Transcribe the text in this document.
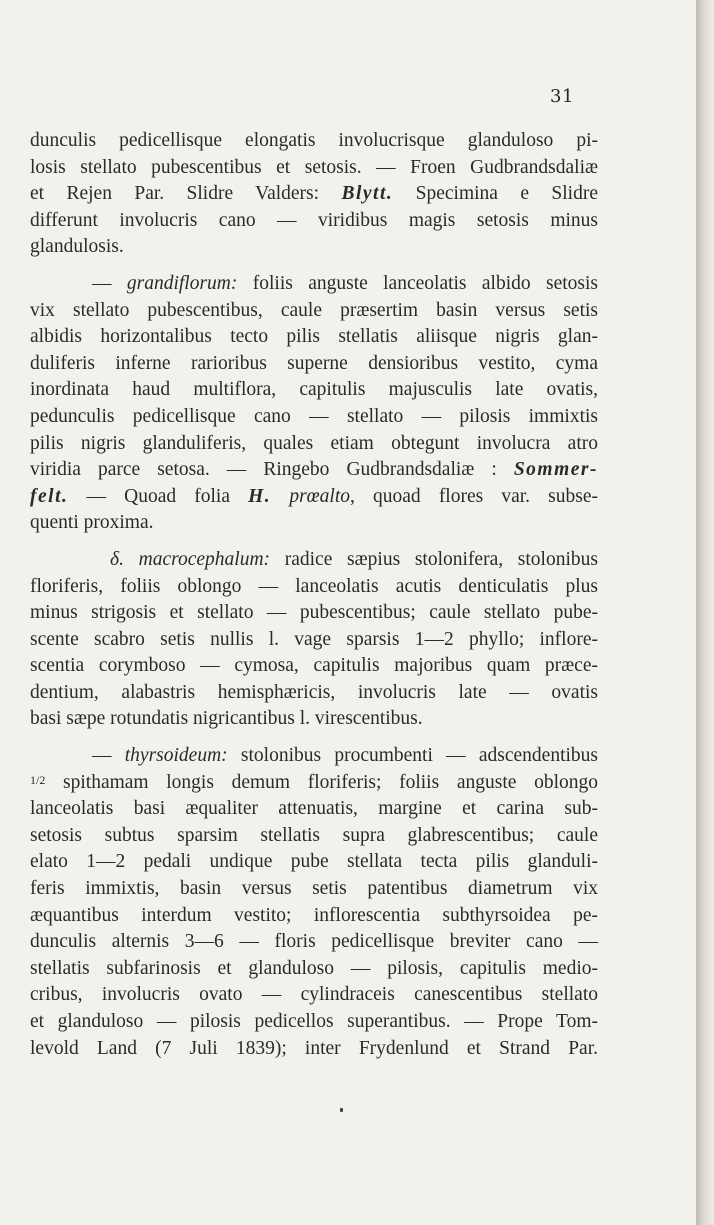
31
dunculis pedicellisque elongatis involucrisque glanduloso pi-
losis stellato pubescentibus et setosis. — Froen Gudbrandsdaliæ
et Rejen Par. Slidre Valders: Blytt. Specimina e Slidre
differunt involucris cano — viridibus magis setosis minus
glandulosis.
— grandiflorum: foliis anguste lanceolatis albido setosis
vix stellato pubescentibus, caule præsertim basin versus setis
albidis horizontalibus tecto pilis stellatis aliisque nigris glan-
duliferis inferne rarioribus superne densioribus vestito, cyma
inordinata haud multiflora, capitulis majusculis late ovatis,
pedunculis pedicellisque cano — stellato — pilosis immixtis
pilis nigris glanduliferis, quales etiam obtegunt involucra atro
viridia parce setosa. — Ringebo Gudbrandsdaliæ : Sommer-
felt. — Quoad folia H. prœalto, quoad flores var. subse-
quenti proxima.
δ. macrocephalum: radice sæpius stolonifera, stolonibus
floriferis, foliis oblongo — lanceolatis acutis denticulatis plus
minus strigosis et stellato — pubescentibus; caule stellato pube-
scente scabro setis nullis l. vage sparsis 1—2 phyllo; inflore-
scentia corymboso — cymosa, capitulis majoribus quam præce-
dentium, alabastris hemisphæricis, involucris late — ovatis
basi sæpe rotundatis nigricantibus l. virescentibus.
— thyrsoideum: stolonibus procumbenti — adscendentibus
$^{1/2}$ spithamam longis demum floriferis; foliis anguste oblongo
lanceolatis basi æqualiter attenuatis, margine et carina sub-
setosis subtus sparsim stellatis supra glabrescentibus; caule
elato 1—2 pedali undique pube stellata tecta pilis glanduli-
feris immixtis, basin versus setis patentibus diametrum vix
æquantibus interdum vestito; inflorescentia subthyrsoidea pe-
dunculis alternis 3—6 — floris pedicellisque breviter cano —
stellatis subfarinosis et glanduloso — pilosis, capitulis medio-
cribus, involucris ovato — cylindraceis canescentibus stellato
et glanduloso — pilosis pedicellos superantibus. — Prope Tom-
levold Land (7 Juli 1839); inter Frydenlund et Strand Par.
